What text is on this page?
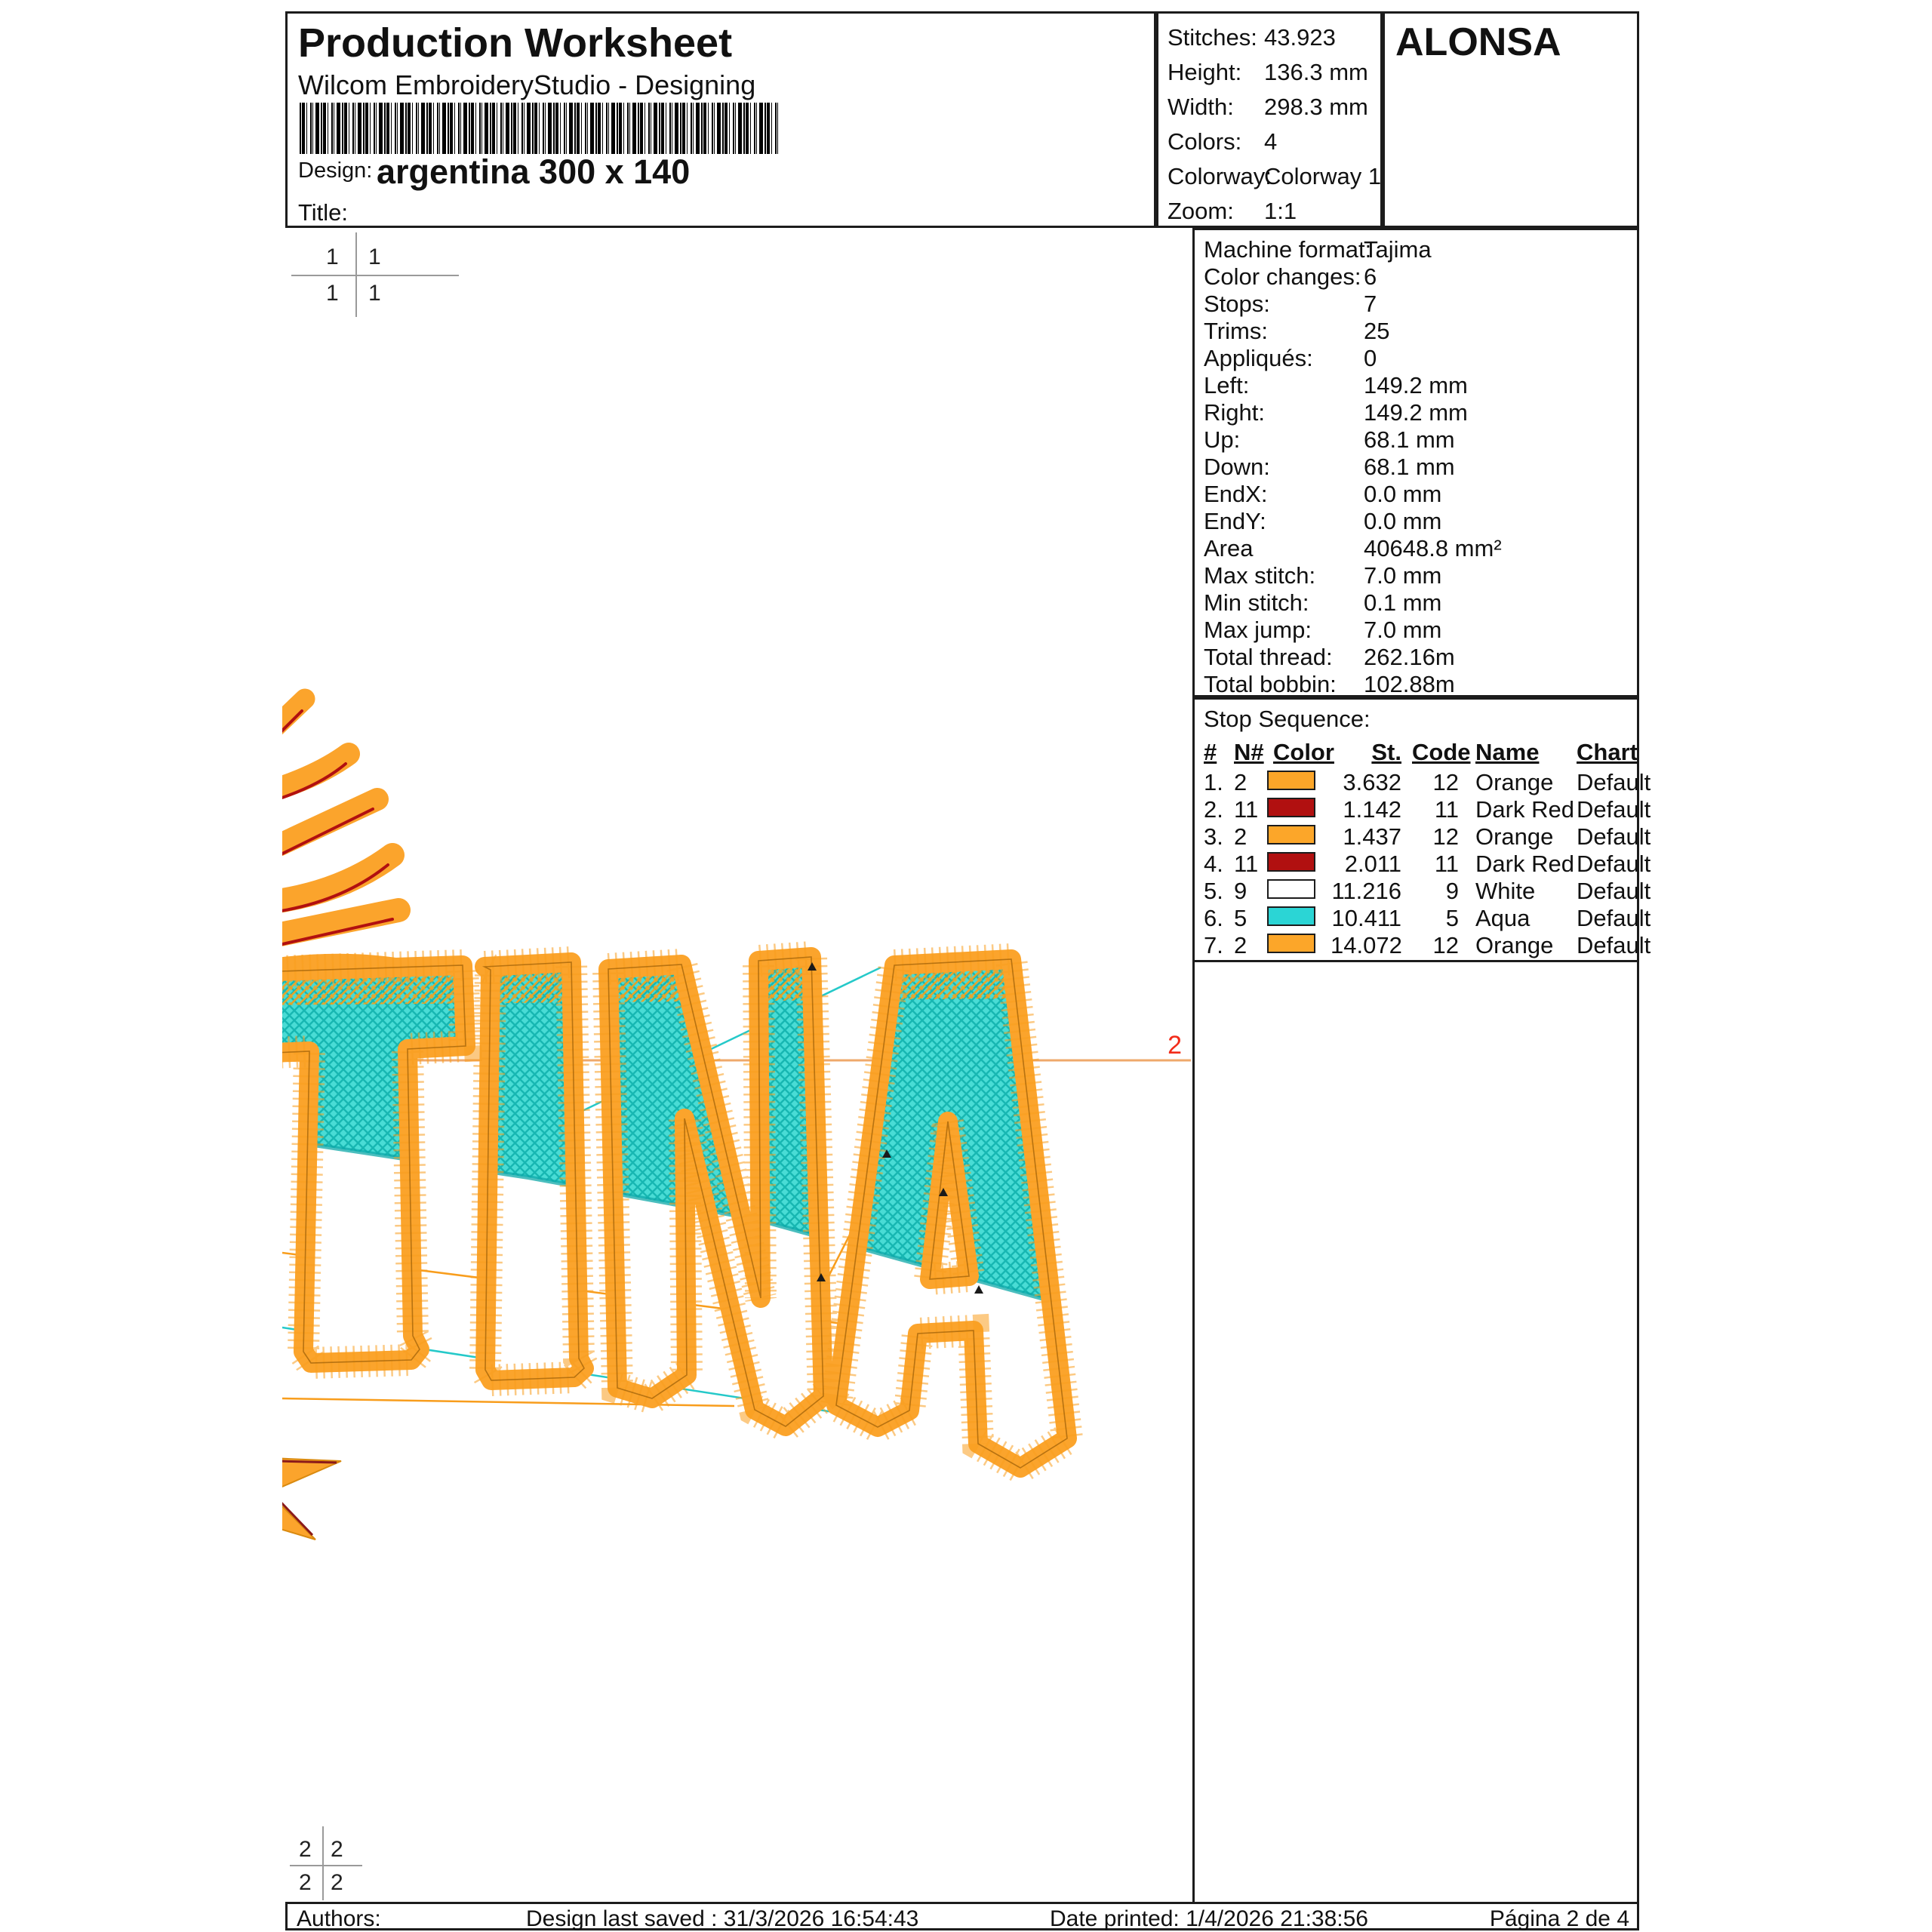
2
1 1
1 1
2 2
2 2
Production Worksheet
Wilcom EmbroideryStudio - Designing
Design: argentina 300 x 140
Title:
Stitches: 43.923
Height: 136.3 mm
Width: 298.3 mm
Colors: 4
Colorway:
Colorway 1
Zoom: 1:1
ALONSA
Machine format:
Tajima
Color changes: 6
Stops:	7
Trims:	25
Appliqués: 0
Left:	149.2 mm
Right:	149.2 mm
Up:	68.1 mm
Down:	68.1 mm
EndX:	0.0 mm
EndY:	0.0 mm
Area	40648.8 mm²
Max stitch: 7.0 mm
Min stitch: 0.1 mm
Max jump: 7.0 mm
Total thread: 262.16m
Total bobbin: 102.88m
Stop Sequence:
# N# Color	St. Code Name Chart
1. 2	3.632	12 Orange Default
2. 11	1.142	11 Dark Red Default
3. 2	1.437	12 Orange Default
4. 11	2.011	11 Dark Red Default
5. 9	11.216	9 White Default
6. 5	10.411	5 Aqua Default
7. 2	14.072	12 Orange Default
Authors:	Design last saved : 31/3/2026 16:54:43	Date printed: 1/4/2026 21:38:56	Página 2 de 4
